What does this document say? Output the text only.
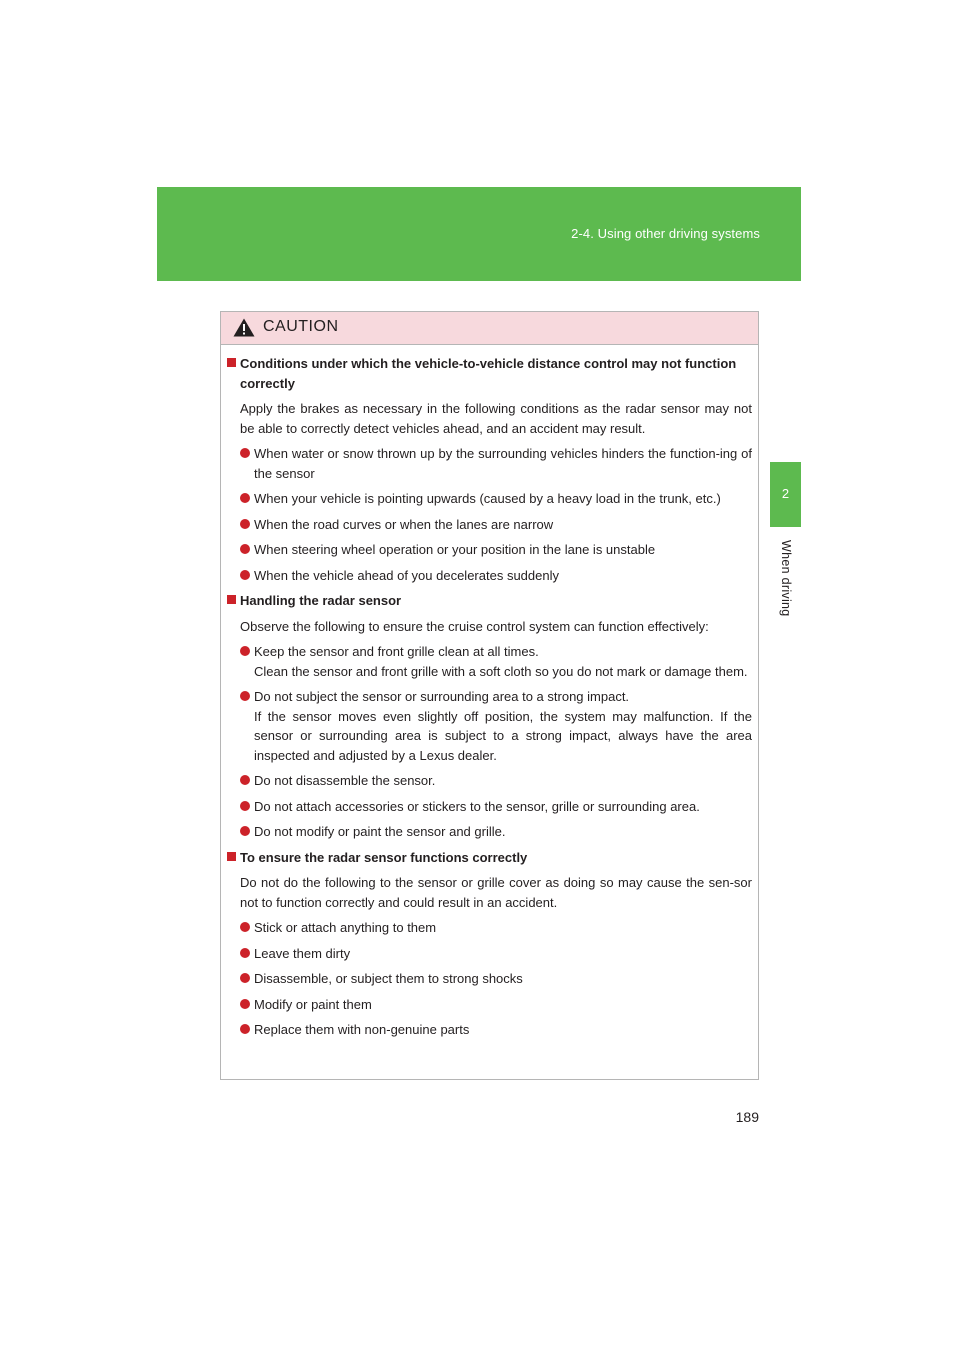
2-4. Using other driving systems
2
When driving
CAUTION
Conditions under which the vehicle-to-vehicle distance control may not function correctly
Apply the brakes as necessary in the following conditions as the radar sensor may not be able to correctly detect vehicles ahead, and an accident may result.
When water or snow thrown up by the surrounding vehicles hinders the function-ing of the sensor
When your vehicle is pointing upwards (caused by a heavy load in the trunk, etc.)
When the road curves or when the lanes are narrow
When steering wheel operation or your position in the lane is unstable
When the vehicle ahead of you decelerates suddenly
Handling the radar sensor
Observe the following to ensure the cruise control system can function effectively:
Keep the sensor and front grille clean at all times.
Clean the sensor and front grille with a soft cloth so you do not mark or damage them.
Do not subject the sensor or surrounding area to a strong impact.
If the sensor moves even slightly off position, the system may malfunction. If the sensor or surrounding area is subject to a strong impact, always have the area inspected and adjusted by a Lexus dealer.
Do not disassemble the sensor.
Do not attach accessories or stickers to the sensor, grille or surrounding area.
Do not modify or paint the sensor and grille.
To ensure the radar sensor functions correctly
Do not do the following to the sensor or grille cover as doing so may cause the sen-sor not to function correctly and could result in an accident.
Stick or attach anything to them
Leave them dirty
Disassemble, or subject them to strong shocks
Modify or paint them
Replace them with non-genuine parts
189
